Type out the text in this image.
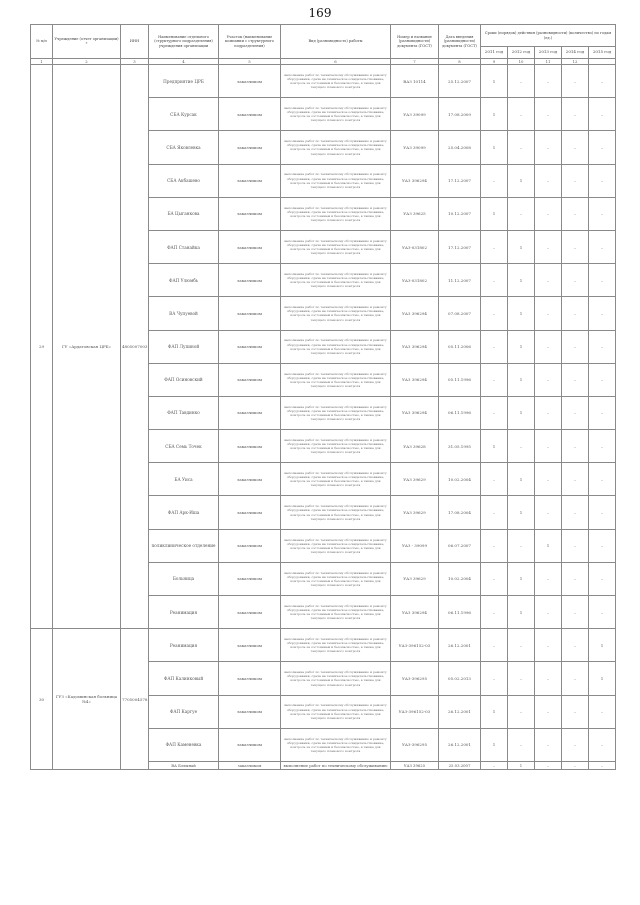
169
№ п/п	Учреждение (отчет организации) *	ИНН	Наименование отдельного (структурного подразделения) учреждения организации	Участок (наименование компании с структурного подразделения)	Вид (разновидность) работы	Номер и название (разновидности) документа (ГОСТ)	Дата введения (разновидности) документа (ГОСТ)	Сроки (порядок) действия (разновидности) (количество) по годам (ед.)				
								2011 год	2012 год	2013 год	2014 год	2015 год
1	2	3	4	5	6	7	8	9	10	11	12	
29	ГУ «Ардатовская ЦРБ»	4805007003	Предприятие ЦРБ	заказчиком	выполнение работ по техническому обслуживанию и ремонту оборудования, сдача на техническое освидетельствование, контроль за состоянием и безопасностью, а также для текущего планового контроля	ВАЗ 10114	25.12.2007	1	–	–	–	–
			СБА Курсак	заказчиком	выполнение работ по техническому обслуживанию и ремонту оборудования, сдача на техническое освидетельствование, контроль за состоянием и безопасностью, а также для текущего планового контроля	УАЗ 39099	17.08.2009	1	–	–	–	–
			СБА Яковлевка	заказчиком	выполнение работ по техническому обслуживанию и ремонту оборудования, сдача на техническое освидетельствование, контроль за состоянием и безопасностью, а также для текущего планового контроля	УАЗ 39099	25.04.2008	1	–	–	–	–
			СБА Акбашево	заказчиком	выполнение работ по техническому обслуживанию и ремонту оборудования, сдача на техническое освидетельствование, контроль за состоянием и безопасностью, а также для текущего планового контроля	УАЗ 396294	17.12.2007	–	1	–	–	–
			БА Цыганкова	заказчиком	выполнение работ по техническому обслуживанию и ремонту оборудования, сдача на техническое освидетельствование, контроль за состоянием и безопасностью, а также для текущего планового контроля	УАЗ 39625	10.12.2007	1	–	–	–	–
			ФАП Станайка	заказчиком	выполнение работ по техническому обслуживанию и ремонту оборудования, сдача на техническое освидетельствование, контроль за состоянием и безопасностью, а также для текущего планового контроля	УАЗ-031802	17.12.2007	–	1	–	–	–
			ФАП Улюмбь	заказчиком	выполнение работ по техническому обслуживанию и ремонту оборудования, сдача на техническое освидетельствование, контроль за состоянием и безопасностью, а также для текущего планового контроля	УАЗ-031802	11.12.2007	–	1	–	–	–
			ВА Чупуевой	заказчиком	выполнение работ по техническому обслуживанию и ремонту оборудования, сдача на техническое освидетельствование, контроль за состоянием и безопасностью, а также для текущего планового контроля	УАЗ 396294	07.08.2007	–	1	–	–	–
			ФАП Лупиной	заказчиком	выполнение работ по техническому обслуживанию и ремонту оборудования, сдача на техническое освидетельствование, контроль за состоянием и безопасностью, а также для текущего планового контроля	УАЗ 396294	05.11.2006	–	1	–	–	–
			ФАП Осиновский	заказчиком	выполнение работ по техническому обслуживанию и ремонту оборудования, сдача на техническое освидетельствование, контроль за состоянием и безопасностью, а также для текущего планового контроля	УАЗ 396294	05.11.1996	–	1	–	–	–
			ФАП Тавдинко	заказчиком	выполнение работ по техническому обслуживанию и ремонту оборудования, сдача на техническое освидетельствование, контроль за состоянием и безопасностью, а также для текущего планового контроля	УАЗ 396294	06.11.1996	–	1	–	–	–
			СБА Семь Точек	заказчиком	выполнение работ по техническому обслуживанию и ремонту оборудования, сдача на техническое освидетельствование, контроль за состоянием и безопасностью, а также для текущего планового контроля	УАЗ 39628	31.05.1995	1	–	–	–	–
			БА Уиса	заказчиком	выполнение работ по техническому обслуживанию и ремонту оборудования, сдача на техническое освидетельствование, контроль за состоянием и безопасностью, а также для текущего планового контроля	УАЗ 39629	10.02.2004	–	1	–	–	–
			ФАП Арк-Иша	заказчиком	выполнение работ по техническому обслуживанию и ремонту оборудования, сдача на техническое освидетельствование, контроль за состоянием и безопасностью, а также для текущего планового контроля	УАЗ 39629	17.08.2004	–	1	–	–	–
			поликлиническое отделение	заказчиком	выполнение работ по техническому обслуживанию и ремонту оборудования, сдача на техническое освидетельствование, контроль за состоянием и безопасностью, а также для текущего планового контроля	УАЗ - 39099	06.07.2007	–	–	1	–	–
			Больница	заказчиком	выполнение работ по техническому обслуживанию и ремонту оборудования, сдача на техническое освидетельствование, контроль за состоянием и безопасностью, а также для текущего планового контроля	УАЗ 39629	10.02.2004	–	1	–	–	–
			Реанимация	заказчиком	выполнение работ по техническому обслуживанию и ремонту оборудования, сдача на техническое освидетельствование, контроль за состоянием и безопасностью, а также для текущего планового контроля	УАЗ 396294	06.11.1996	–	1	–	–	–
30	ГУЗ «Кадоминская больница №4»	7705004578	Реанимация	заказчиком	выполнение работ по техническому обслуживанию и ремонту оборудования, сдача на техническое освидетельствование, контроль за состоянием и безопасностью, а также для текущего планового контроля	УАЗ-396152-03	26.12.2001	–	–	–	–	1
			ФАП Калинковый	заказчиком	выполнение работ по техническому обслуживанию и ремонту оборудования, сдача на техническое освидетельствование, контроль за состоянием и безопасностью, а также для текущего планового контроля	УАЗ-396295	05.02.2013	–	–	–	–	1
			ФАП Каргуе	заказчиком	выполнение работ по техническому обслуживанию и ремонту оборудования, сдача на техническое освидетельствование, контроль за состоянием и безопасностью, а также для текущего планового контроля	УАЗ-396152-03	26.12.2001	1	–	–	–	–
			ФАП Каменевка	заказчиком	выполнение работ по техническому обслуживанию и ремонту оборудования, сдача на техническое освидетельствование, контроль за состоянием и безопасностью, а также для текущего планового контроля	УАЗ-396295	26.12.2001	1	–	–	–	–
			ВА Бэлынай	заказчиком	выполнение работ по техническому обслуживанию	УАЗ 39625	25.03.2007	–	1	–	–	–
